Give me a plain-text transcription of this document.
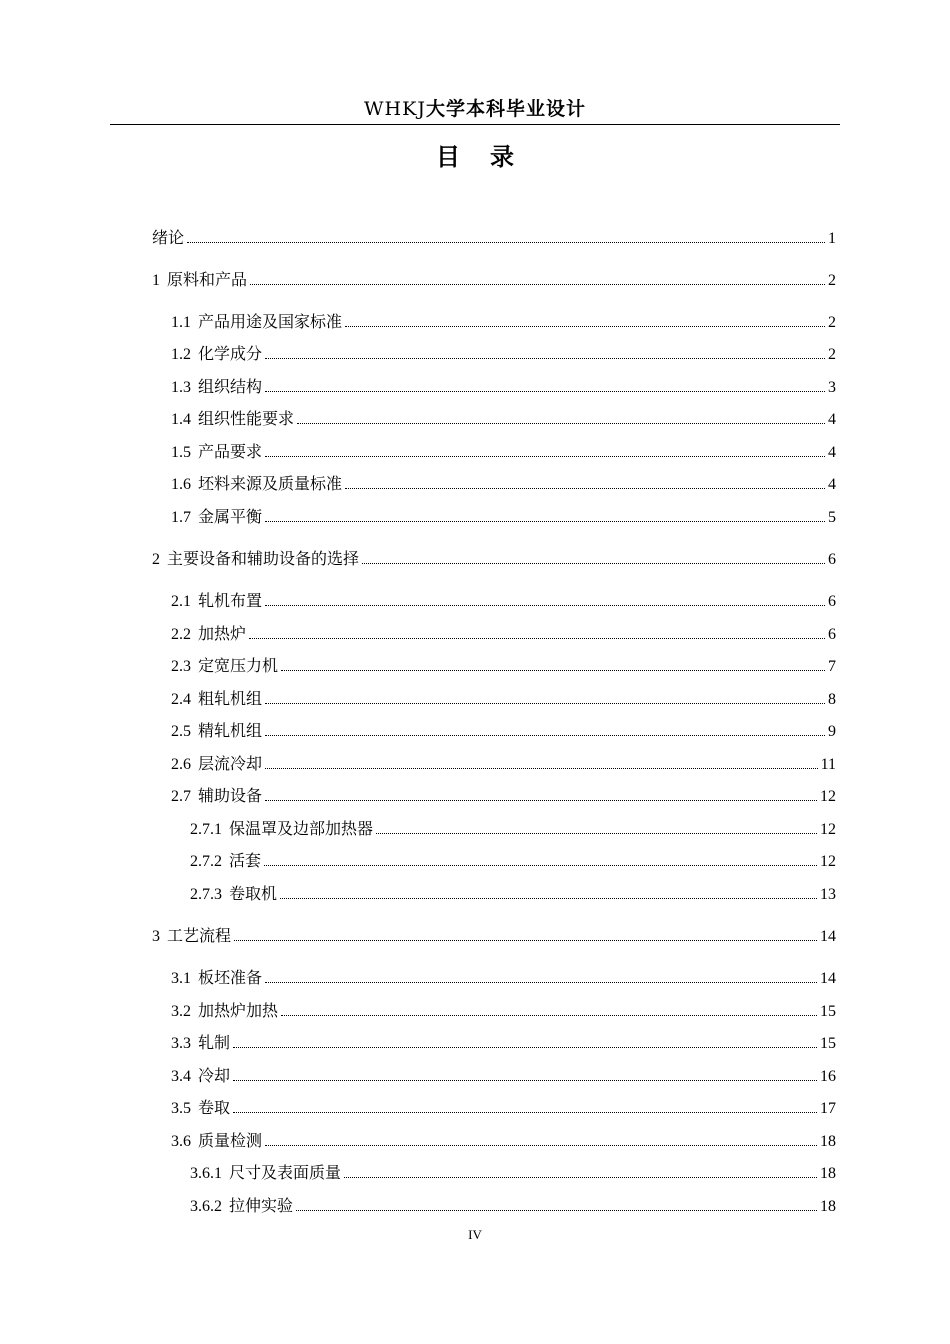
WHKJ大学本科毕业设计
目录
绪论	1
1 原料和产品	2
1.1 产品用途及国家标准	2
1.2 化学成分	2
1.3 组织结构	3
1.4 组织性能要求	4
1.5 产品要求	4
1.6 坯料来源及质量标准	4
1.7 金属平衡	5
2 主要设备和辅助设备的选择	6
2.1 轧机布置	6
2.2 加热炉	6
2.3 定宽压力机	7
2.4 粗轧机组	8
2.5 精轧机组	9
2.6 层流冷却	11
2.7 辅助设备	12
2.7.1 保温罩及边部加热器	12
2.7.2 活套	12
2.7.3 卷取机	13
3 工艺流程	14
3.1 板坯准备	14
3.2 加热炉加热	15
3.3 轧制	15
3.4 冷却	16
3.5 卷取	17
3.6 质量检测	18
3.6.1 尺寸及表面质量	18
3.6.2 拉伸实验	18
IV
